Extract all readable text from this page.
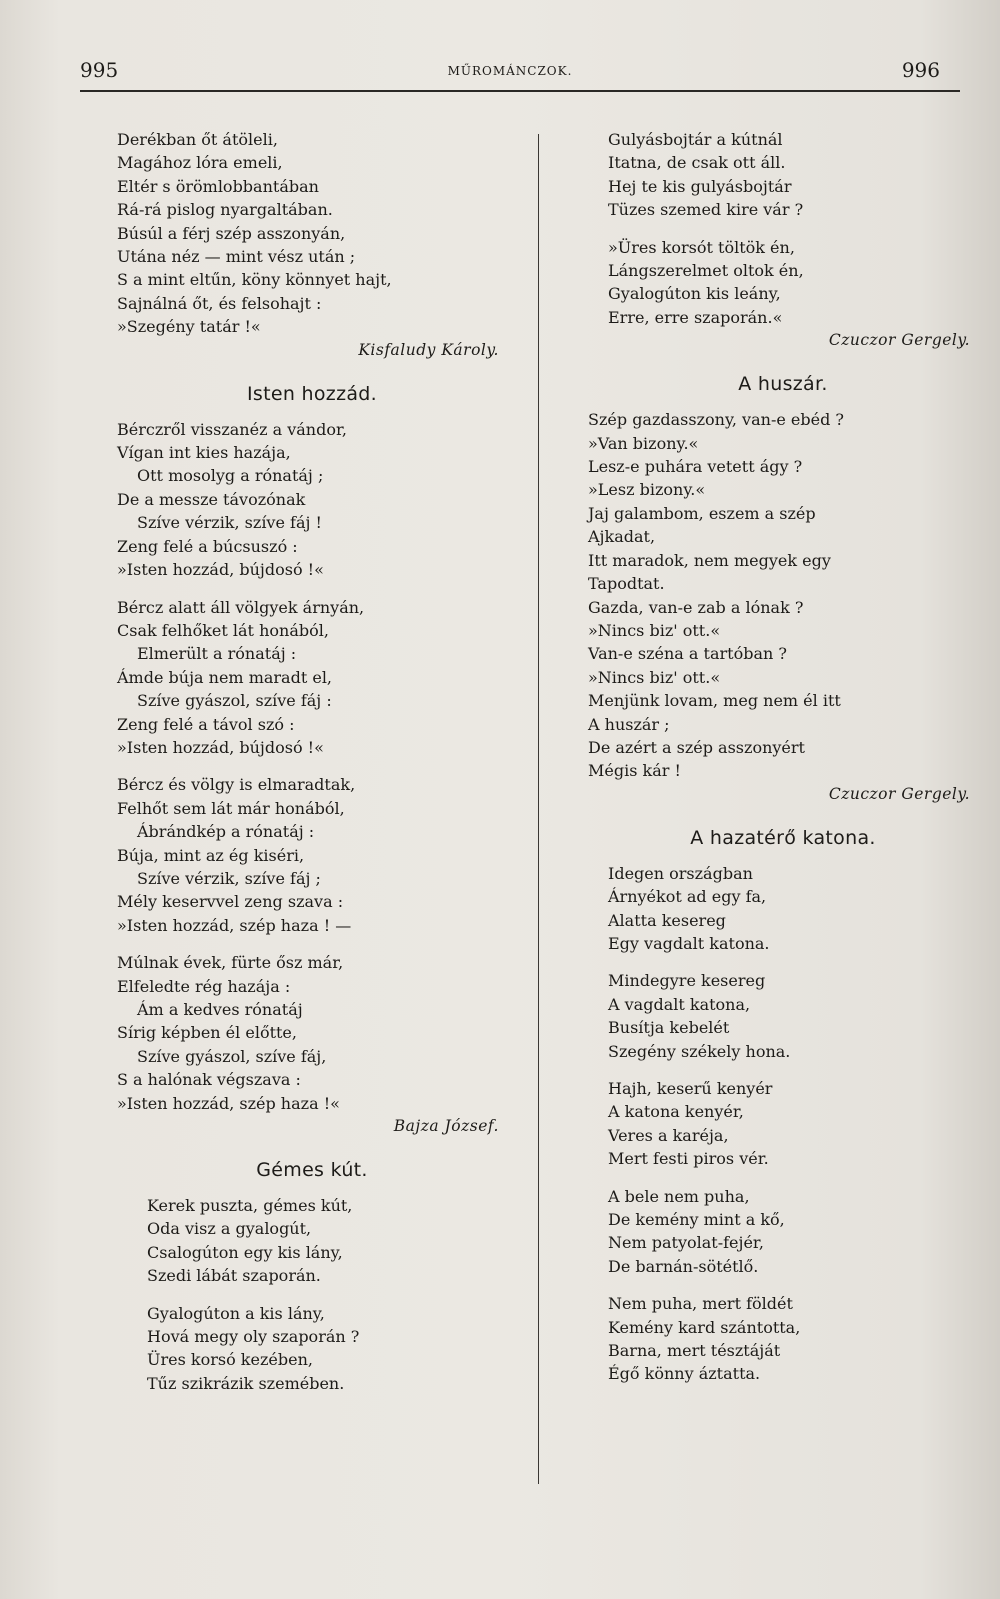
995	MŰROMÁNCZOK.	996
Derékban őt átöleli,
Magához lóra emeli,
Eltér s örömlobbantában
Rá-rá pislog nyargaltában.
Búsúl a férj szép asszonyán,
Utána néz — mint vész után ;
S a mint eltűn, köny könnyet hajt,
Sajnálná őt, és felsohajt :
»Szegény tatár !«
Kisfaludy Károly.
Isten hozzád.
Bérczről visszanéz a vándor,
Vígan int kies hazája,
Ott mosolyg a rónatáj ;
De a messze távozónak
Szíve vérzik, szíve fáj !
Zeng felé a búcsuszó :
»Isten hozzád, bújdosó !«
Bércz alatt áll völgyek árnyán,
Csak felhőket lát honából,
Elmerült a rónatáj :
Ámde búja nem maradt el,
Szíve gyászol, szíve fáj :
Zeng felé a távol szó :
»Isten hozzád, bújdosó !«
Bércz és völgy is elmaradtak,
Felhőt sem lát már honából,
Ábrándkép a rónatáj :
Búja, mint az ég kiséri,
Szíve vérzik, szíve fáj ;
Mély keservvel zeng szava :
»Isten hozzád, szép haza ! —
Múlnak évek, fürte ősz már,
Elfeledte rég hazája :
Ám a kedves rónatáj
Sírig képben él előtte,
Szíve gyászol, szíve fáj,
S a halónak végszava :
»Isten hozzád, szép haza !«
Bajza József.
Gémes kút.
Kerek puszta, gémes kút,
Oda visz a gyalogút,
Csalogúton egy kis lány,
Szedi lábát szaporán.
Gyalogúton a kis lány,
Hová megy oly szaporán ?
Üres korsó kezében,
Tűz szikrázik szemében.
Gulyásbojtár a kútnál
Itatna, de csak ott áll.
Hej te kis gulyásbojtár
Tüzes szemed kire vár ?
»Üres korsót töltök én,
Lángszerelmet oltok én,
Gyalogúton kis leány,
Erre, erre szaporán.«
Czuczor Gergely.
A huszár.
Szép gazdasszony, van-e ebéd ?
»Van bizony.«
Lesz-e puhára vetett ágy ?
»Lesz bizony.«
Jaj galambom, eszem a szép
Ajkadat,
Itt maradok, nem megyek egy
Tapodtat.
Gazda, van-e zab a lónak ?
»Nincs biz' ott.«
Van-e széna a tartóban ?
»Nincs biz' ott.«
Menjünk lovam, meg nem él itt
A huszár ;
De azért a szép asszonyért
Mégis kár !
Czuczor Gergely.
A hazatérő katona.
Idegen országban
Árnyékot ad egy fa,
Alatta kesereg
Egy vagdalt katona.
Mindegyre kesereg
A vagdalt katona,
Busítja kebelét
Szegény székely hona.
Hajh, keserű kenyér
A katona kenyér,
Veres a karéja,
Mert festi piros vér.
A bele nem puha,
De kemény mint a kő,
Nem patyolat-fejér,
De barnán-sötétlő.
Nem puha, mert földét
Kemény kard szántotta,
Barna, mert tésztáját
Égő könny áztatta.
